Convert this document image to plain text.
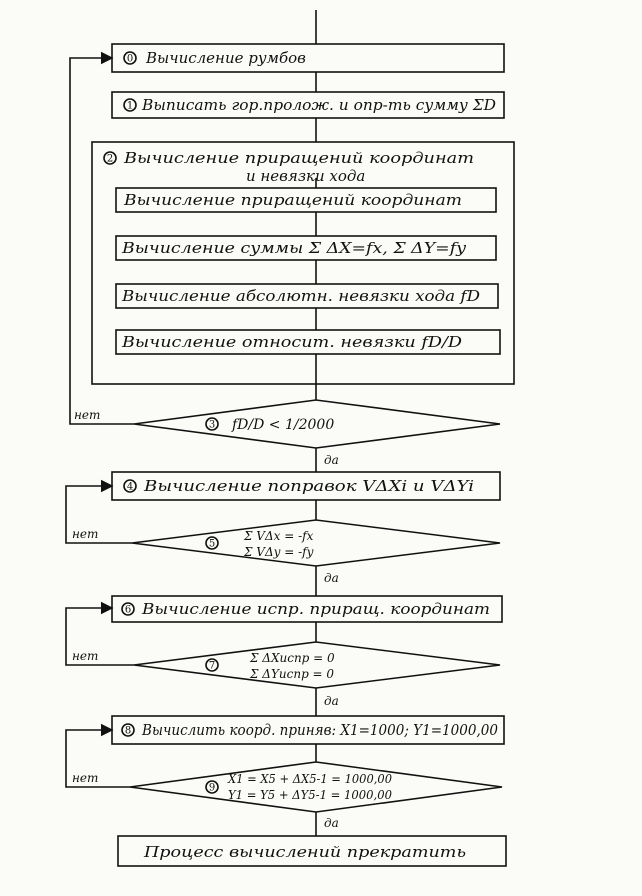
0
1
2
3
4
5
6
7
8
9
Вычисление румбов
Выписать гор.пролож. и опр-ть сумму ΣD
Вычисление приращений координат
и невязки хода
Вычисление приращений координат
Вычисление суммы Σ ΔX=fx, Σ ΔY=fy
Вычисление абсолютн. невязки хода fD
Вычисление относит. невязки fD/D
Вычисление поправок VΔXi и VΔYi
Вычисление испр. приращ. координат
Вычислить коорд. приняв: X1=1000; Y1=1000,00
Процесс вычислений прекратить
fD/D < 1/2000
Σ VΔx = -fx
Σ VΔy = -fy
Σ ΔXиспр = 0
Σ ΔYиспр = 0
X1 = X5 + ΔX5-1 = 1000,00
Y1 = Y5 + ΔY5-1 = 1000,00
нет
нет
нет
нет
да
да
да
да
